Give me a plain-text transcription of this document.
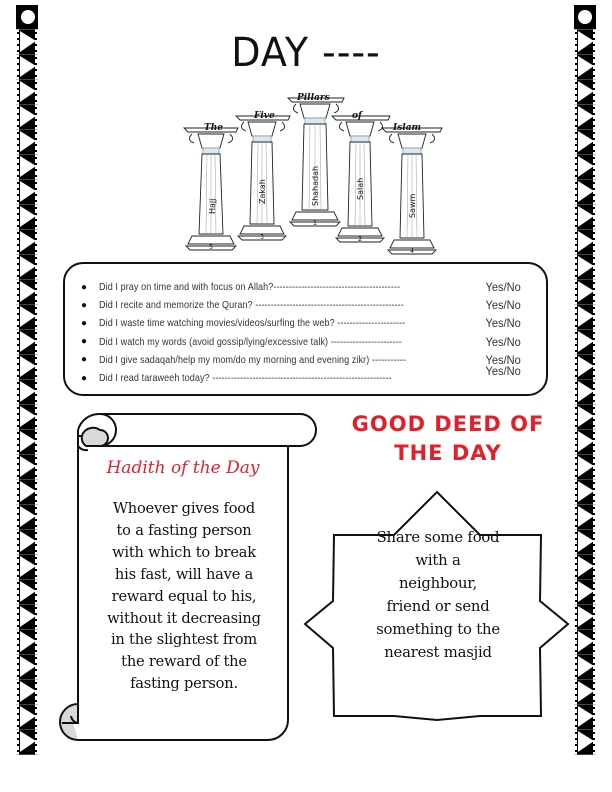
DAY ----
The
Five
Pillars
of
Islam
Hajj
Zakah	Shahadah	Salah
Sawm
5
3
1
2
4
●	Did I pray on time and with focus on Allah?-----------------------------------------	Yes/No
●	Did I recite and memorize the Quran? ------------------------------------------------	Yes/No
●	Did I waste time watching movies/videos/surfing the web? ----------------------	Yes/No
●	Did I watch my words (avoid gossip/lying/excessive talk) -----------------------	Yes/No
●	Did I give sadaqah/help my mom/do my morning and evening zikr) -----------	Yes/No
●	Did I read taraweeh today? ----------------------------------------------------------
Yes/No
Hadith of the Day
Whoever gives food
to a fasting person
with which to break
his fast, will have a
reward equal to his,
without it decreasing
in the slightest from
the reward of the
fasting person.
GOOD DEED OF
THE DAY
Share some food
with a
neighbour,
friend or send
something to the
nearest masjid
